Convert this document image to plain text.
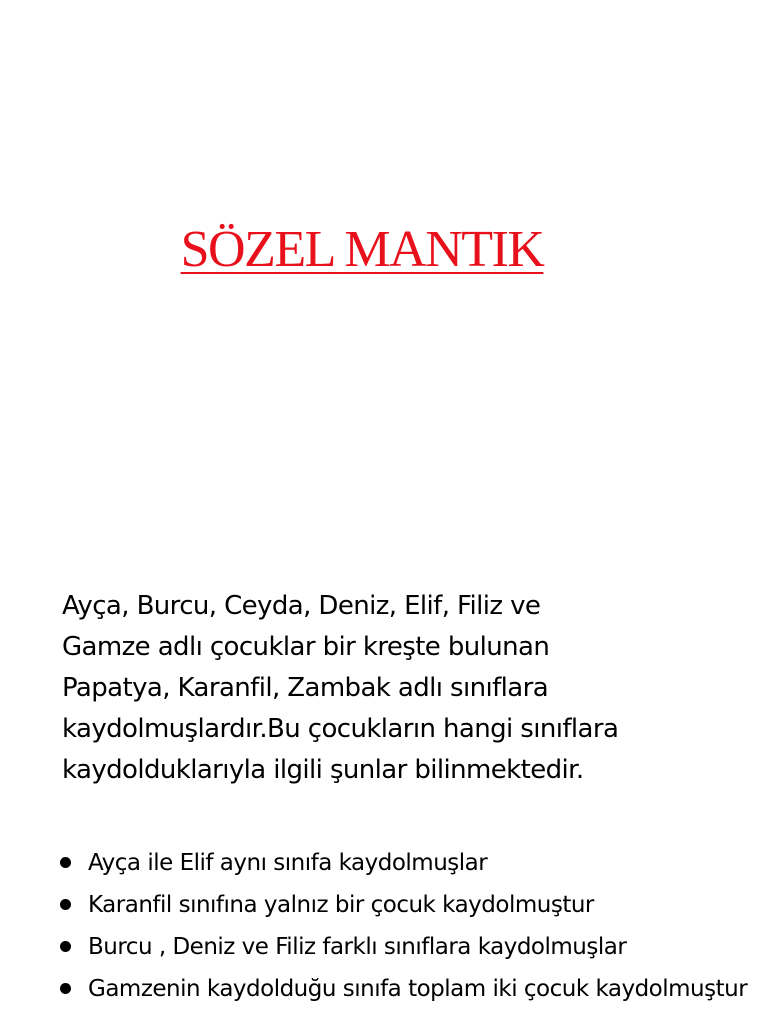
SÖZEL MANTIK
Ayça, Burcu, Ceyda, Deniz, Elif, Filiz ve
Gamze adlı çocuklar bir kreşte bulunan
Papatya, Karanfil, Zambak adlı sınıflara
kaydolmuşlardır.Bu çocukların hangi sınıflara
kaydolduklarıyla ilgili şunlar bilinmektedir.
Ayça ile Elif aynı sınıfa kaydolmuşlar
Karanfil sınıfına yalnız bir çocuk kaydolmuştur
Burcu , Deniz ve Filiz farklı sınıflara kaydolmuşlar
Gamzenin kaydolduğu sınıfa toplam iki çocuk kaydolmuştur
